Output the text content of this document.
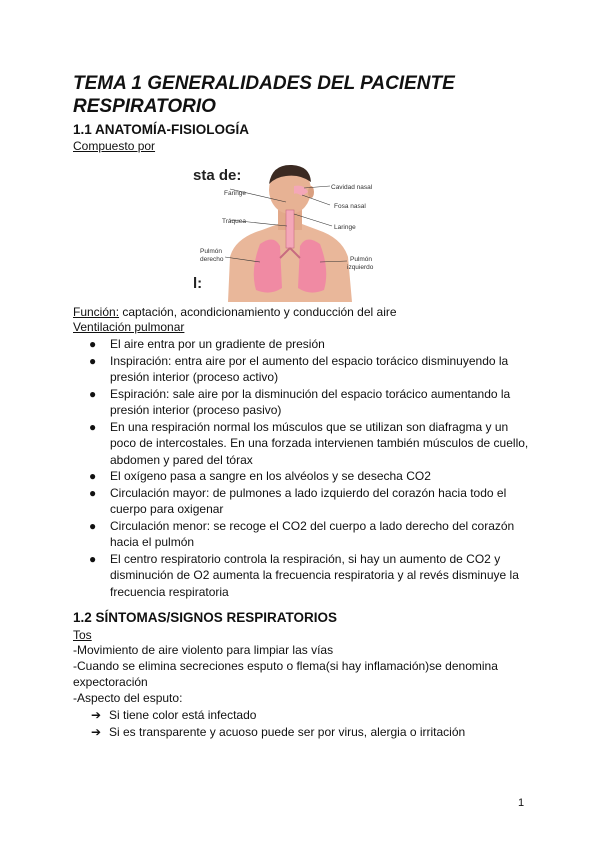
TEMA 1 GENERALIDADES DEL PACIENTE RESPIRATORIO
1.1 ANATOMÍA-FISIOLOGÍA
Compuesto por
sta de:
l:
Faringe
Tráquea
Pulmón
derecho
Cavidad nasal
Fosa nasal
Laringe
Pulmón
izquierdo
Función: captación, acondicionamiento y conducción del aire
Ventilación pulmonar
● El aire entra por un gradiente de presión
● Inspiración: entra aire por el aumento del espacio torácico disminuyendo la presión interior (proceso activo)
● Espiración: sale aire por la disminución del espacio torácico aumentando la presión interior (proceso pasivo)
● En una respiración normal los músculos que se utilizan son diafragma y un poco de intercostales. En una forzada intervienen también músculos de cuello, abdomen y pared del tórax
● El oxígeno pasa a sangre en los alvéolos y se desecha CO2
● Circulación mayor: de pulmones a lado izquierdo del corazón hacia todo el cuerpo para oxigenar
● Circulación menor: se recoge el CO2 del cuerpo a lado derecho del corazón hacia el pulmón
● El centro respiratorio controla la respiración, si hay un aumento de CO2 y disminución de O2 aumenta la frecuencia respiratoria y al revés disminuye la frecuencia respiratoria
1.2 SÍNTOMAS/SIGNOS RESPIRATORIOS
Tos
-Movimiento de aire violento para limpiar las vías
-Cuando se elimina secreciones esputo o flema(si hay inflamación)se denomina
expectoración
-Aspecto del esputo:
➔ Si tiene color está infectado
➔ Si es transparente y acuoso puede ser por virus, alergia o irritación
1
